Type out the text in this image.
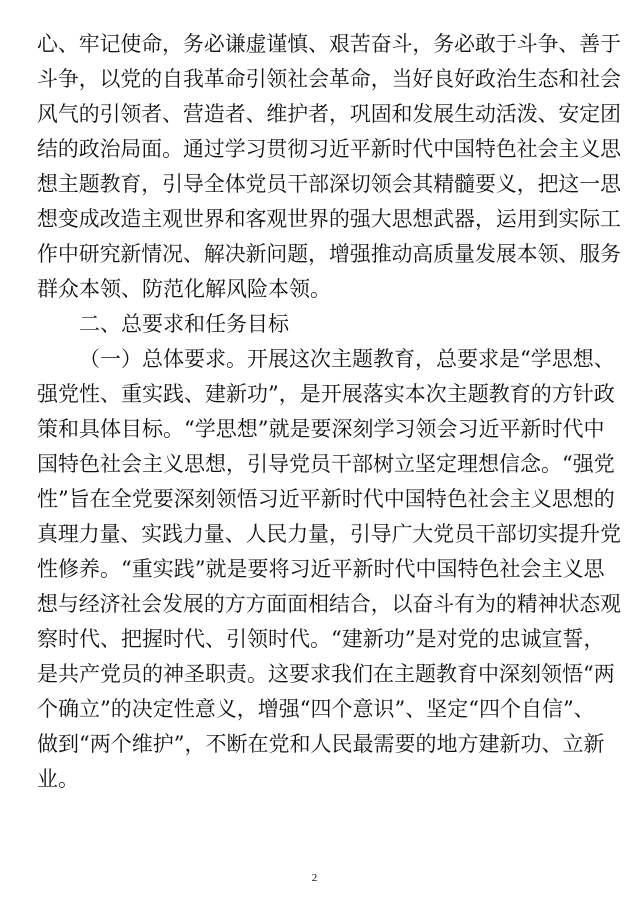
心、牢记使命，务必谦虚谨慎、艰苦奋斗，务必敢于斗争、善于
斗争，以党的自我革命引领社会革命，当好良好政治生态和社会
风气的引领者、营造者、维护者，巩固和发展生动活泼、安定团
结的政治局面。通过学习贯彻习近平新时代中国特色社会主义思
想主题教育，引导全体党员干部深切领会其精髓要义，把这一思
想变成改造主观世界和客观世界的强大思想武器，运用到实际工
作中研究新情况、解决新问题，增强推动高质量发展本领、服务
群众本领、防范化解风险本领。
二、总要求和任务目标
（一）总体要求。开展这次主题教育，总要求是“学思想、
强党性、重实践、建新功”，是开展落实本次主题教育的方针政
策和具体目标。“学思想”就是要深刻学习领会习近平新时代中
国特色社会主义思想，引导党员干部树立坚定理想信念。“强党
性”旨在全党要深刻领悟习近平新时代中国特色社会主义思想的
真理力量、实践力量、人民力量，引导广大党员干部切实提升党
性修养。“重实践”就是要将习近平新时代中国特色社会主义思
想与经济社会发展的方方面面相结合，以奋斗有为的精神状态观
察时代、把握时代、引领时代。“建新功”是对党的忠诚宣誓，
是共产党员的神圣职责。这要求我们在主题教育中深刻领悟“两
个确立”的决定性意义，增强“四个意识”、坚定“四个自信”、
做到“两个维护”，不断在党和人民最需要的地方建新功、立新
业。
2
